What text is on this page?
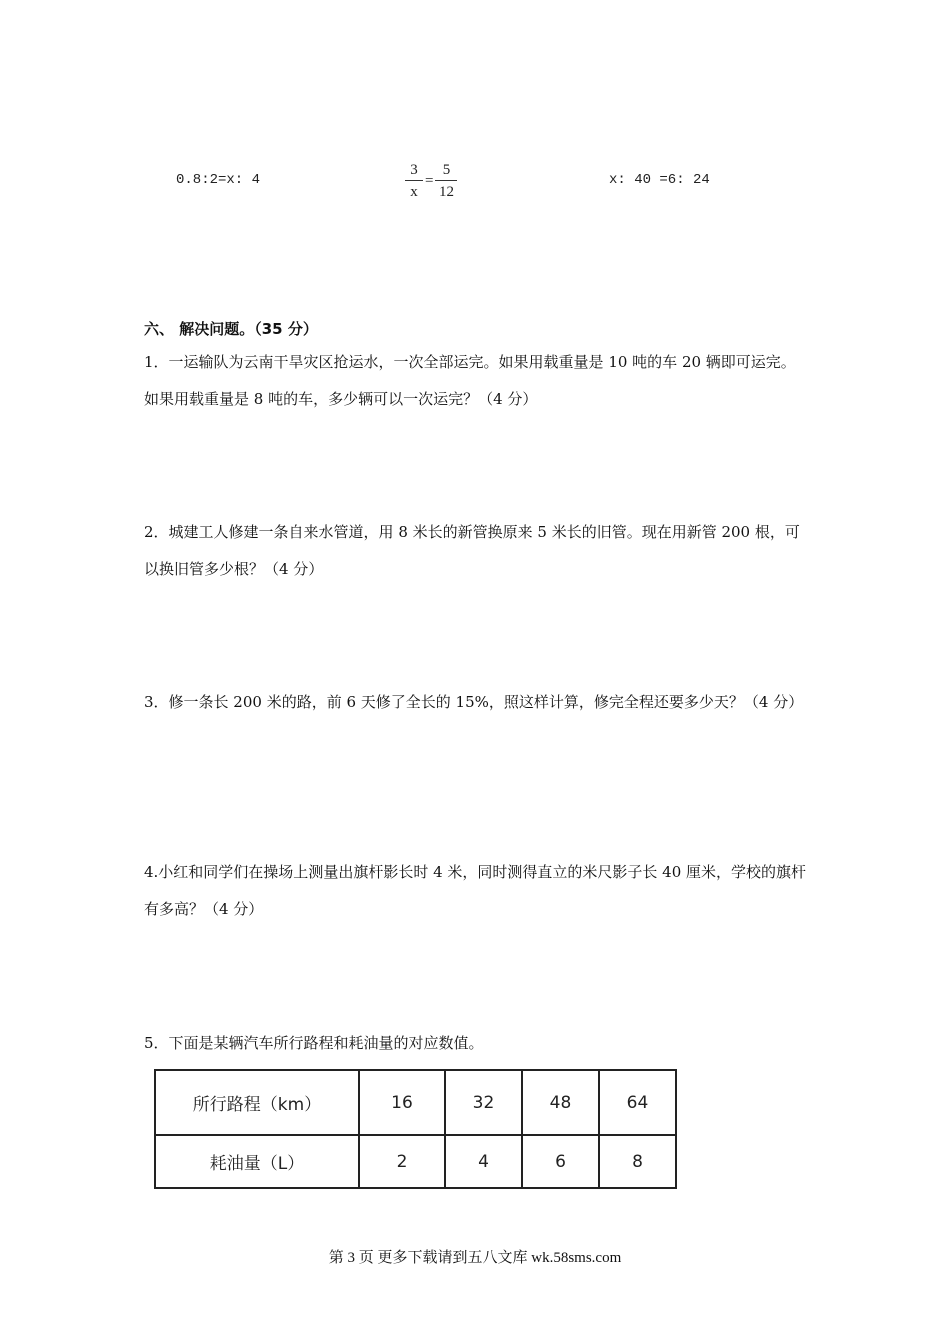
0.8:2=x: 4	$\frac{3}{x} = \frac{5}{12}$	x: 40 =6: 24
六、 解决问题。（35 分）
1．一运输队为云南干旱灾区抢运水，一次全部运完。如果用载重量是 10 吨的车 20 辆即可运完。如果用载重量是 8 吨的车，多少辆可以一次运完？（4 分）
2．城建工人修建一条自来水管道，用 8 米长的新管换原来 5 米长的旧管。现在用新管 200 根，可以换旧管多少根？（4 分）
3．修一条长 200 米的路，前 6 天修了全长的 15%，照这样计算，修完全程还要多少天？（4 分）
4.小红和同学们在操场上测量出旗杆影长时 4 米，同时测得直立的米尺影子长 40 厘米，学校的旗杆有多高？（4 分）
5．下面是某辆汽车所行路程和耗油量的对应数值。
所行路程（km）	16	32	48	64
耗油量（L）	2	4	6	8
第 3 页 更多下载请到五八文库 wk.58sms.com
